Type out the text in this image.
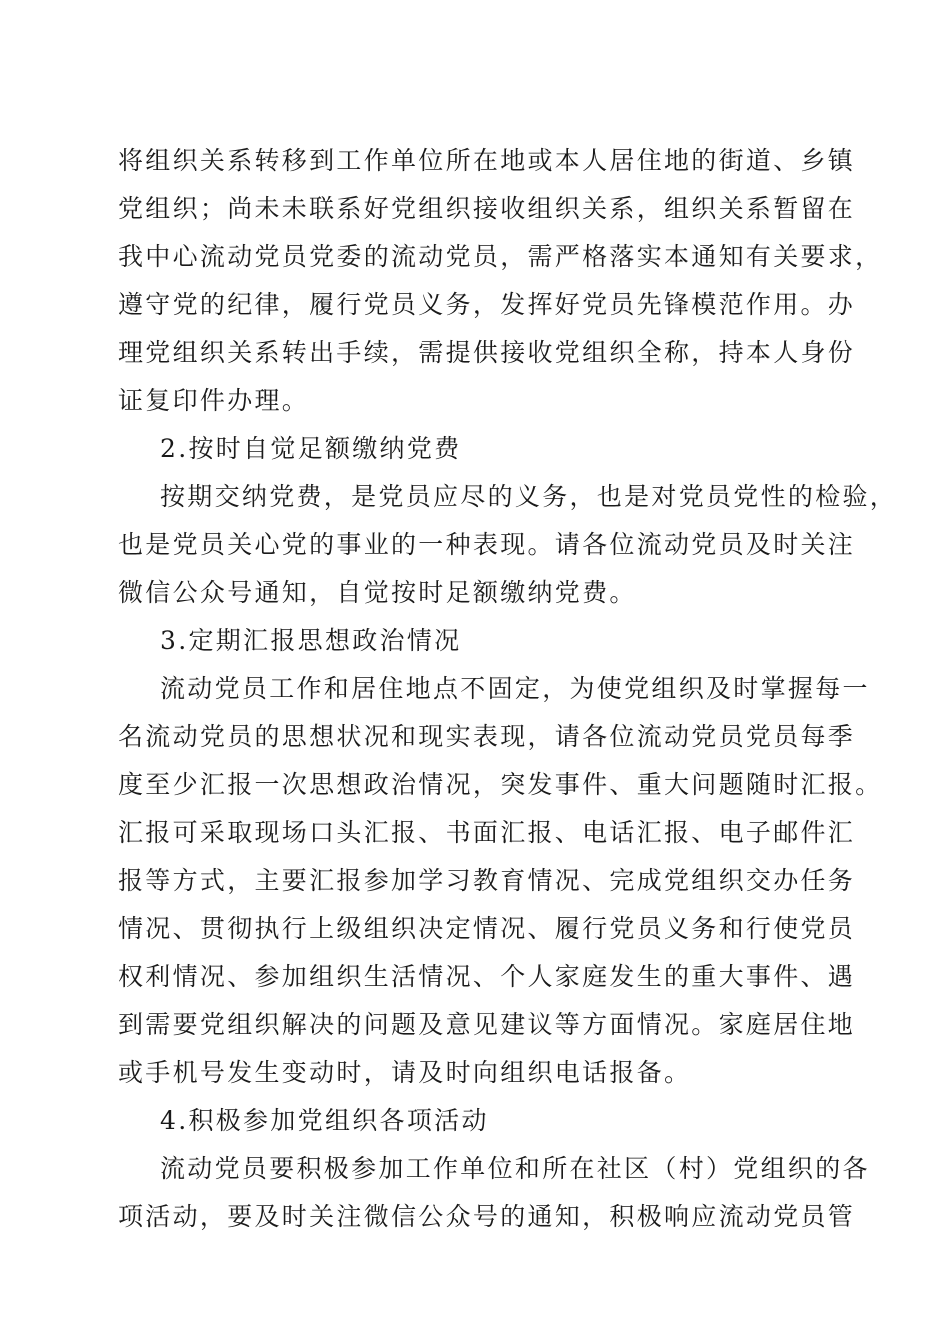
将组织关系转移到工作单位所在地或本人居住地的街道、乡镇
党组织；尚未未联系好党组织接收组织关系，组织关系暂留在
我中心流动党员党委的流动党员，需严格落实本通知有关要求，
遵守党的纪律，履行党员义务，发挥好党员先锋模范作用。办
理党组织关系转出手续，需提供接收党组织全称，持本人身份
证复印件办理。
2.按时自觉足额缴纳党费
按期交纳党费，是党员应尽的义务，也是对党员党性的检验，
也是党员关心党的事业的一种表现。请各位流动党员及时关注
微信公众号通知，自觉按时足额缴纳党费。
3.定期汇报思想政治情况
流动党员工作和居住地点不固定，为使党组织及时掌握每一
名流动党员的思想状况和现实表现，请各位流动党员党员每季
度至少汇报一次思想政治情况，突发事件、重大问题随时汇报。
汇报可采取现场口头汇报、书面汇报、电话汇报、电子邮件汇
报等方式，主要汇报参加学习教育情况、完成党组织交办任务
情况、贯彻执行上级组织决定情况、履行党员义务和行使党员
权利情况、参加组织生活情况、个人家庭发生的重大事件、遇
到需要党组织解决的问题及意见建议等方面情况。家庭居住地
或手机号发生变动时，请及时向组织电话报备。
4.积极参加党组织各项活动
流动党员要积极参加工作单位和所在社区（村）党组织的各
项活动，要及时关注微信公众号的通知，积极响应流动党员管
